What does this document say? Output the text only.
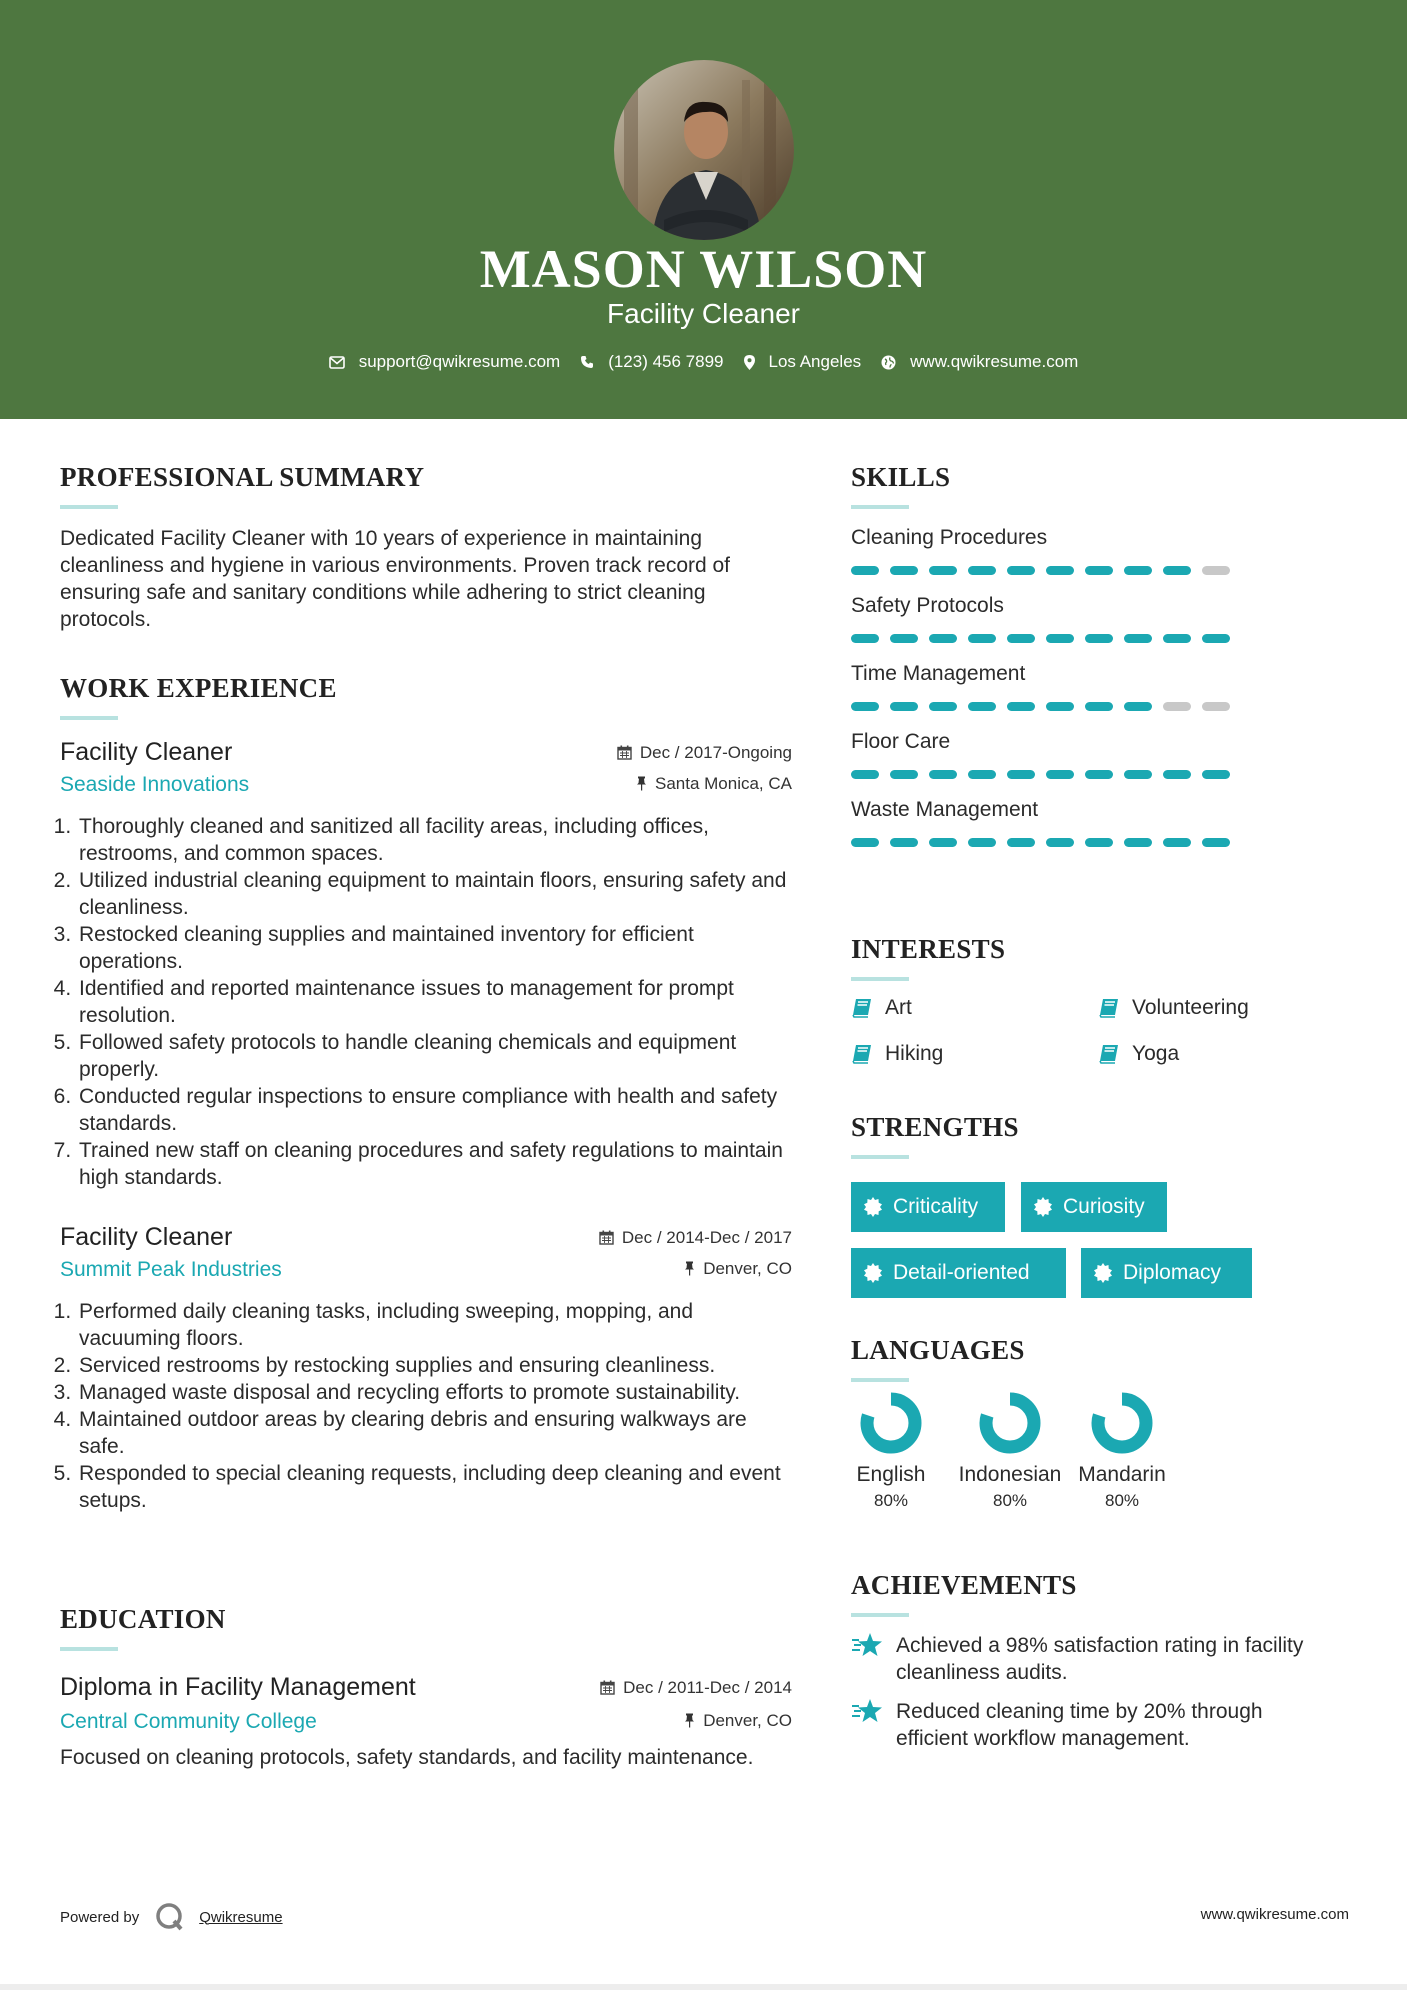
MASON WILSON
Facility Cleaner
support@qwikresume.com	(123) 456 7899	Los Angeles	www.qwikresume.com
PROFESSIONAL SUMMARY
Dedicated Facility Cleaner with 10 years of experience in maintaining cleanliness and hygiene in various environments. Proven track record of ensuring safe and sanitary conditions while adhering to strict cleaning protocols.
WORK EXPERIENCE
Facility Cleaner	Dec / 2017-Ongoing
Seaside Innovations	Santa Monica, CA
1. Thoroughly cleaned and sanitized all facility areas, including offices, restrooms, and common spaces.
2. Utilized industrial cleaning equipment to maintain floors, ensuring safety and cleanliness.
3. Restocked cleaning supplies and maintained inventory for efficient operations.
4. Identified and reported maintenance issues to management for prompt resolution.
5. Followed safety protocols to handle cleaning chemicals and equipment properly.
6. Conducted regular inspections to ensure compliance with health and safety standards.
7. Trained new staff on cleaning procedures and safety regulations to maintain high standards.
Facility Cleaner	Dec / 2014-Dec / 2017
Summit Peak Industries	Denver, CO
1. Performed daily cleaning tasks, including sweeping, mopping, and vacuuming floors.
2. Serviced restrooms by restocking supplies and ensuring cleanliness.
3. Managed waste disposal and recycling efforts to promote sustainability.
4. Maintained outdoor areas by clearing debris and ensuring walkways are safe.
5. Responded to special cleaning requests, including deep cleaning and event setups.
EDUCATION
Diploma in Facility Management	Dec / 2011-Dec / 2014
Central Community College	Denver, CO
Focused on cleaning protocols, safety standards, and facility maintenance.
SKILLS
Cleaning Procedures
Safety Protocols
Time Management
Floor Care
Waste Management
INTERESTS
Art	Volunteering
Hiking	Yoga
STRENGTHS
Criticality	Curiosity
Detail-oriented	Diplomacy
LANGUAGES
English
80%
Indonesian
80%
Mandarin
80%
ACHIEVEMENTS
Achieved a 98% satisfaction rating in facility cleanliness audits.
Reduced cleaning time by 20% through efficient workflow management.
Powered by	Qwikresume	www.qwikresume.com
